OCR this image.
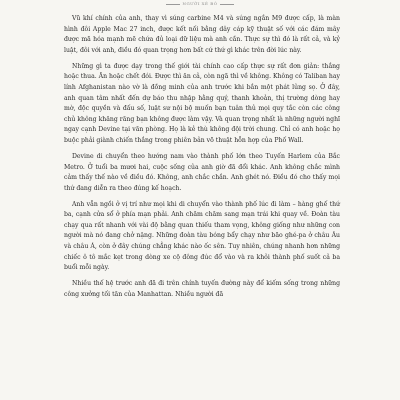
NGƯỜI XÉ BÓ

Vũ khí chính của anh, thay vì súng carbine M4 và súng ngắn M9 được cấp, là màn hình đôi Apple Mac 27 inch, được kết nối bằng dây cáp kỹ thuật số với các đám mây được mã hóa mạnh mẽ chứa đủ loại dữ liệu mà anh cần. Thực sự thì đó là rất cả, và kỷ luật, đôi với anh, điều đó quan trọng hơn bất cứ thứ gì khác trên đời lúc này.

Những gì ta được dạy trong thế giới tài chính cao cấp thực sự rất đơn giản: thắng hoặc thua. Ăn hoặc chết đói. Được thì ăn cả, còn ngã thì về không. Không có Taliban hay lính Afghanistan nào vờ là đồng minh của anh trước khi bắn một phát lủng sọ. Ở đây, anh quan tâm nhất đến dự báo thu nhập hằng quý, thanh khoản, thị trường dòng hay mờ, độc quyền và đấu số, luật sư nội bộ muốn bạn tuân thủ mọi quy tắc còn các công chủ không khăng răng bạn không được làm vậy. Và quan trọng nhất là những người nghĩ ngay cạnh Devine tại văn phòng. Họ là kẻ thù không đội trời chung. Chỉ có anh hoặc họ buộc phải giành chiến thắng trong phiên bản võ thuật hỗn hợp của Phố Wall.

Devine di chuyển theo hướng nam vào thành phố lớn theo Tuyến Harlem của Bắc Metro. Ở tuổi ba mươi hai, cuộc sống của anh giờ đã đổi khác. Anh không chắc mình cảm thấy thế nào về điều đó. Không, anh chắc chắn. Anh ghét nó. Điều đó cho thấy mọi thứ đang diễn ra theo đúng kế hoạch.

Anh vẫn ngồi ở vị trí như mọi khi di chuyển vào thành phố lúc đi làm – hàng ghế thứ ba, cạnh cửa sổ ở phía mạn phải. Anh chăm chăm sang mạn trái khi quay về. Đoàn tàu chạy qua rất nhanh với vài độ bằng quan thiếu tham vọng, không giống như những con người mà nó đang chở nặng. Những đoàn tàu bóng bẩy chạy như bão ghé-pa ở châu Âu và châu Á, còn ở đây chúng chẳng khác nào ốc sên. Tuy nhiên, chúng nhanh hơn những chiếc ô tô mắc kẹt trong dòng xe cộ đông đúc đổ vào và ra khỏi thành phố suốt cả ba buổi mỗi ngày.

Nhiều thế hệ trước anh đã đi trên chính tuyến đường này để kiếm sống trong những công xưởng tối tăn của Manhattan. Nhiều người đã
